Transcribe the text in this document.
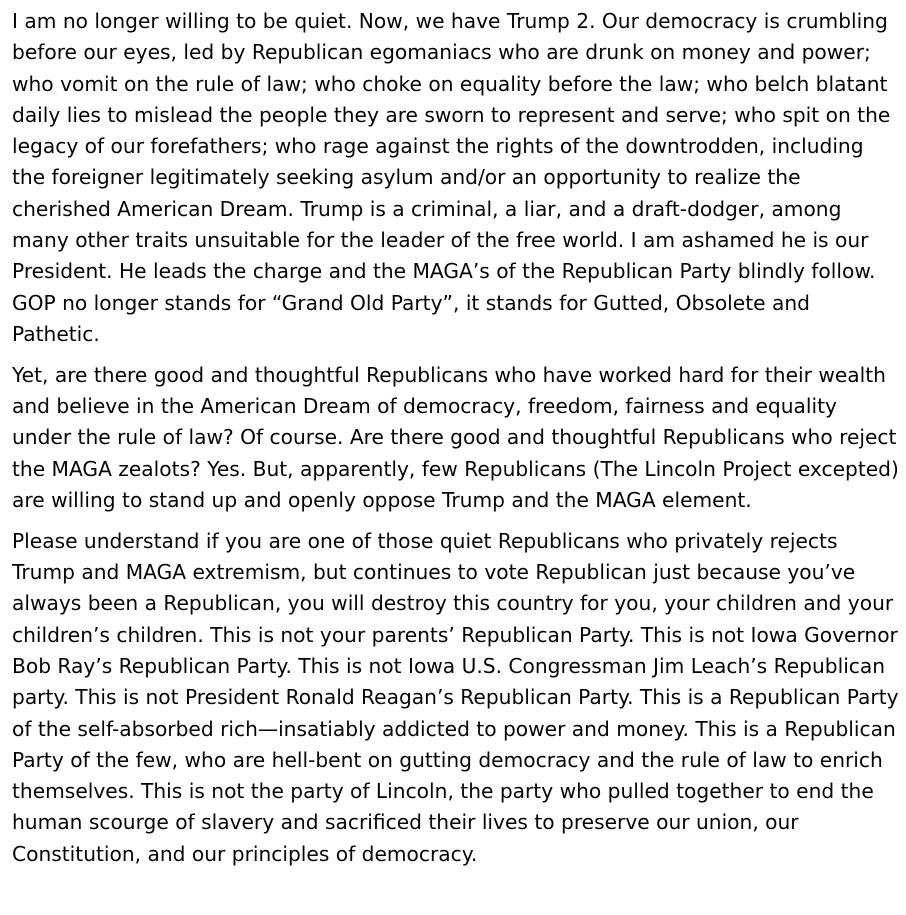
I am no longer willing to be quiet. Now, we have Trump 2. Our democracy is crumbling before our eyes, led by Republican egomaniacs who are drunk on money and power; who vomit on the rule of law; who choke on equality before the law; who belch blatant daily lies to mislead the people they are sworn to represent and serve; who spit on the legacy of our forefathers; who rage against the rights of the downtrodden, including the foreigner legitimately seeking asylum and/or an opportunity to realize the cherished American Dream. Trump is a criminal, a liar, and a draft-dodger, among many other traits unsuitable for the leader of the free world. I am ashamed he is our President. He leads the charge and the MAGA’s of the Republican Party blindly follow. GOP no longer stands for “Grand Old Party”, it stands for Gutted, Obsolete and Pathetic.

Yet, are there good and thoughtful Republicans who have worked hard for their wealth and believe in the American Dream of democracy, freedom, fairness and equality under the rule of law? Of course. Are there good and thoughtful Republicans who reject the MAGA zealots? Yes. But, apparently, few Republicans (The Lincoln Project excepted) are willing to stand up and openly oppose Trump and the MAGA element.

Please understand if you are one of those quiet Republicans who privately rejects Trump and MAGA extremism, but continues to vote Republican just because you’ve always been a Republican, you will destroy this country for you, your children and your children’s children. This is not your parents’ Republican Party. This is not Iowa Governor Bob Ray’s Republican Party. This is not Iowa U.S. Congressman Jim Leach’s Republican party. This is not President Ronald Reagan’s Republican Party. This is a Republican Party of the self-absorbed rich—insatiably addicted to power and money. This is a Republican Party of the few, who are hell-bent on gutting democracy and the rule of law to enrich themselves. This is not the party of Lincoln, the party who pulled together to end the human scourge of slavery and sacrificed their lives to preserve our union, our Constitution, and our principles of democracy.
